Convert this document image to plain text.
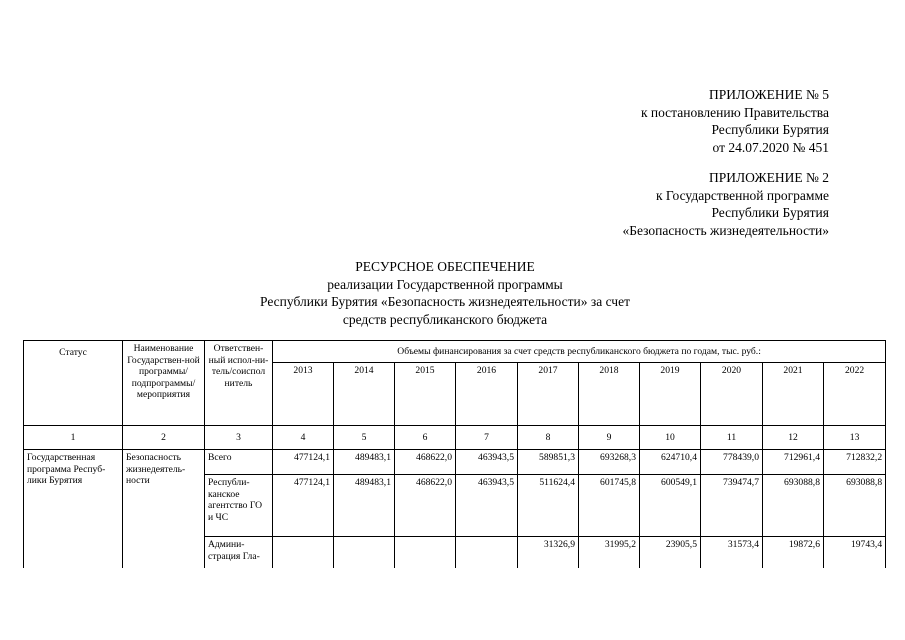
ПРИЛОЖЕНИЕ № 5
к постановлению Правительства
Республики Бурятия
от 24.07.2020 № 451
ПРИЛОЖЕНИЕ № 2
к Государственной программе
Республики Бурятия
«Безопасность жизнедеятельности»
РЕСУРСНОЕ ОБЕСПЕЧЕНИЕ
реализации Государственной программы
Республики Бурятия «Безопасность жизнедеятельности» за счет
средств республиканского бюджета
Статус	Наименование Государствен-ной программы/подпрограммы/мероприятия	Ответствен-ный испол-ни-тель/соиспол нитель	Объемы финансирования за счет средств республиканского бюджета по годам, тыс. руб.:									
			2013	2014	2015	2016	2017	2018	2019	2020	2021	2022
1	2	3	4	5	6	7	8	9	10	11	12	13
Государственная программа Респуб-лики Бурятия	Безопасность жизнедеятель-ности	Всего	477124,1	489483,1	468622,0	463943,5	589851,3	693268,3	624710,4	778439,0	712961,4	712832,2
		Республи-канское агентство ГО и ЧС	477124,1	489483,1	468622,0	463943,5	511624,4	601745,8	600549,1	739474,7	693088,8	693088,8
		Админи-страция Гла-					31326,9	31995,2	23905,5	31573,4	19872,6	19743,4
